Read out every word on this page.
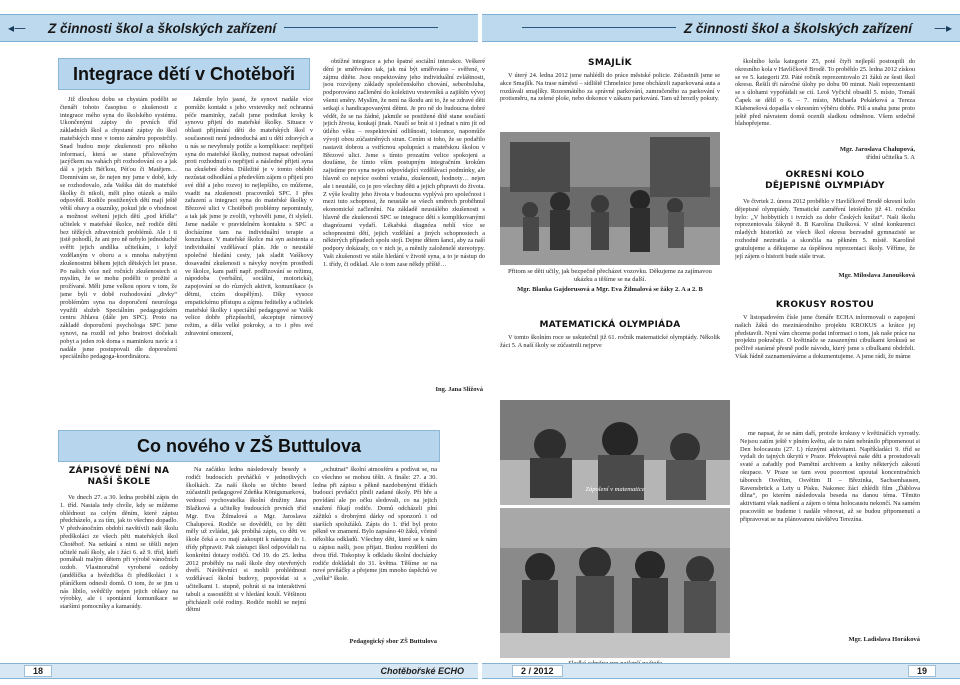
◂—	Z činnosti škol a školských zařízení	Z činnosti škol a školských zařízení	—▸
Integrace dětí v Chotěboři

Již dlouhou dobu se chystám podělit se čtenáři tohoto časopisu o zkušenosti z integrace mého syna do školského systému. Ukončenými zápisy do prvních tříd základních škol a chystané zápisy do škol mateřských mne v tomto záměru popostrčily. Snad budou moje zkušenosti pro někoho informací, která se stane příslovečným jazýčkem na vahách při rozhodování co a jak dál s jejich Béťkou, Péťou či Matějem… Domnívám se, že nejen my jsme v době, kdy se rozhodovalo, zda Vašíka dát do mateřské školky či nikoli, měli plno otázek a málo odpovědí. Rodiče postižených dětí mají ještě větší obavy a otazníky, pokud jde o vhodnost a možnost světení jejich dětí „pod křídla“ učitelek v mateřské školce, než rodiče dětí bez těžkých zdravotních problémů. Ale i ti jistě pohodlí, že ani pro ně nebylo jednoduché svěřit jejich andílka učitelkám, i když vzdělaným v oboru a s mnoha nabytými zkušenostmi během jejich dětských let praxe. Po našich více než ročních zkušenostech si myslím, že se mohu podělit o prožité a prožívané. Měli jsme velkou oporu v tom, že jsme byli v době rozhodování „divky“ problémům syna na doporučení neurologa využili služeb Speciálním pedagogickém centru Jihlava (dále jen SPC). Proto na základě doporučení psychologa SPC jsme synovi, na rozdíl od jeho bratrovi dočekali pobyt a jeden rok doma s maminkou navíc a i nadále jsme postupovali dle doporučení speciálního pedagoga-koordinátora.

Jakmile bylo jasné, že synovi nadále více pomůže kontakt s jeho vrstevníky než ochranná péče maminky, začali jsme podnikat kroky k synovu přijetí do mateřské školky. Situace v oblasti přijímání dětí do mateřských škol v současnosti není jednoduchá ani u dětí zdravých a u nás se nevyhnuly potíže a komplikace: nepřijetí syna do mateřské školky, nutnost napsat odvolání proti rozhodnutí o nepřijetí a následné přijetí syna na zkušební dobu. Důležité je v tomto období nezůstat odhodlání a především zájem o přijetí pro své dítě a jeho rozvoj to nejlepšího, co můžeme, vsadit na zkušenosti pracovníků SPC. I přes zařazení a integraci syna do mateřské školky v Březové ulici v Chotěboři problémy nepominuly, a tak jak jsme je zvolili, vyhověli jsme, či slyšeli. Jsme nadále v pravidelném kontaktu s SPC a docházíme tam na individuální terapie a konzultace. V mateřské školce má syn asistenta a individuální vzdělávací plán. Jde o neustálé společné hledání cesty, jak sladit Vašíkovy dosavadní zkušenosti s návyky novým prostředí ve školce, kam patří např. podřizování se režimu, nápodoba (verbální, sociální, motorická), zapojování se do různých aktivit, komunikace (s dětmi, cizím dospělým). Díky vysoce empatickému přístupu a zájmu ředitelky a učitelek mateřské školky i speciální pedagogové se Vašík velice dobře přizpůsobil, akceptuje rámcový režim, a děla velké pokroky, a to i přes své zdravotní omezení,

obtížné integrace a jeho špatné sociální interakce. Veškeré dění je směřováno tak, jak má být směřováno – svěřené, v zájmu dítěte. Jsou respektovány jeho individuální zvláštnosti, jsou rozvíjeny základy společenského chování, sebeobsluha, podporováno začlenění do kolektivu vrstevníků a zajištěn vývoj všemi směry. Myslím, že není na škodu ani to, že se zdravé děti setkají s handicapovanými dětmi. Je pro ně do budoucna dobré vědět, že se na žádné, jakmile se postižené dítě stane součástí jejich života, koukají jinak. Naučí se brát si i jednat s nim jít od útlého věku – respektování odlišnosti, tolerance, napomůže vývoji obou zúčastněných stran. Cením si toho, že se podařilo nastavit dobrou a vstřícnou spolupráci s mateřskou školou v Březové ulici. Jsme s tímto prozatím velice spokojeni a doufáme, že tímto vším postupným integračním krokům zajistíme pro syna nejen odpovídající vzdělávací podmínky, ale hlavně co nejvíce osobní vztahu, zkušenosti, hodnoty… nejen ale i neustálé, co je pro všechny děti a jejich připravit do života. Z výše kvality jeho života v budoucnu vyplývá pro společnost i mezi tuto schopnost, že neustále se všech směrech proběhnul ekonomické začlenění. Na základě neustálého zkušenosti s hlavně dle zkušeností SPC se integrace dětí s komplikovanými diagnózami vydaří. Lékařská diagnóza nehlí více se schopnostmi dětí, jejich vzdělání a jiných schopnostech a některých případech spolu stojí. Dejme dětem šanci, aby za naší podpory dokázaly, co v nich je, a měnily založenelé stereotypy. Vaši zkušenosti ve stále hledání v životě syna, a to je nástup do 1. třídy, či odklad. Ale o tom zase někdy příště…

Ing. Jana Sližová
SMAJLÍK

V úterý 24. ledna 2012 jsme nahlédli do práce městské policie. Zúčastnili jsme se akce Smajlík. Na trase náměstí – sídliště Chmelnice jsme obcházeli zaparkovaná auta a rozdávali smajlíky. Rozesmátého za správné parkování, zamračeného za parkování v protisměru, na zelené ploše, nebo dokonce v zákazu parkování. Tam už hrozily pokuty.

Přitom se děti učily, jak bezpečně přecházet vozovku. Děkujeme za zajímavou ukázku a těšíme se na další.
Mgr. Blanka Gajdorusová a Mgr. Eva Žilmalová se žáky 2. A a 2. B
MATEMATICKÁ OLYMPIÁDA

V tomto školním roce se uskutečnil již 61. ročník matematické olympiády. Několik žáci 5. A naší školy se zúčastnili nejprve

školního kola kategorie Z5, poté čtyři nejlepší postoupili do okresního kola v Havlíčkově Brodě. To proběhlo 25. ledna 2012 získou se ve 5. kategorii Z9. Páté ročník reprezentovalo 21 žáků ze šesti škol okresu. Řešili tři náročné úlohy po dobu 90 minut. Naši reprezentanti se s úlohami vypořádali se ctí. Leoš Vyčichl obsadil 5. místo, Tomáš Čapek se dělil o 6. – 7. místo, Michaela Pekárková a Tereza Klabenešová dopadla v okresním výběru dobře. Pilí a snahu jsme proto ještě před návratem domů ocenili sladkou odměnou. Všem srdečně blahopřejeme.

Mgr. Jaroslava Chalupová,
třídní učitelka 5. A
OKRESNÍ KOLO DĚJEPISNÉ OLYMPIÁDY

Ve čtvrtek 2. února 2012 proběhlo v Havlíčkově Brodě okresní kolo dějepisné olympiády. Tematické zaměření letošního již 41. ročníku bylo: „V hobbytiích i tvrzích za dobr Českých knížat“. Naši školu reprezentovala žákyně 8. B Karolína Dušková. V silné konkurenci mladých historiků ze všech škol okresu bezvadně gymnazisté se rozhodně neztratila a skončila na pěkném 5. místě. Karolíně gratulujeme a děkujeme za úspěšnou reprezentaci školy. Věříme, že její zájem o historii bude stále trvat.

Mgr. Miloslava Janoušková
KROKUSY ROSTOU

V listopadovém čísle jsme čtenáře ECHA informovali o zapojení našich žáků do mezinárodního projektu KROKUS a krátce jej představili. Nyní vám chceme podat informaci o tom, jak naše práce na projektu pokračuje. O květináče se zasazenými cibulkami krokusů se pečlivě starámé přesně podle návodu, který jsme s cibulkami obdrželi. Však řádně zaznamenáváme a dokumentujeme. A jsme rádi, že máme

Co nového v ZŠ Buttulova
ZÁPISOVÉ DĚNÍ NA NAŠÍ ŠKOLE

Ve dnech 27. a 30. ledna proběhl zápis do 1. tříd. Nastala tedy chvíle, kdy se můžeme ohlédnout za celým děním, které zápisu předcházelo, a za tím, jak to všechno dopadlo. V předvánočním období navštívili naši školu předškoláci ze všech pěti mateřských škol Chotěboř. Na setkání s nimi se těšili nejen učitelé naší školy, ale i žáci 6. až 9. tříd, kteří pomáhali malým dětem při výrobě vánočních ozdob. Vlastnoručně vyrobené ozdoby (andělíčka a hvězdička či předškoláci i s přáníčkem odnesli domů. O tom, že se jim u nás líbilo, svědčily nejen jejich ohlasy na výrobky, ale i spontánní komunikace se staršími pomocníky a kamarády.

Na začátku ledna následovaly besedy s rodiči budoucích prvňáčků v jednotlivých školkách. Za naší školu se těchto besed zúčastnili pedagogové Zdeňka Königsmarková, vedoucí vychovatelka školní družiny Jana Blažková a učitelky budoucích prvních tříd Mgr. Eva Žilmalová a Mgr. Jaroslava Chalupová. Rodiče se dověděli, co by děti měly už zvládat, jak probíhá zápis, co děti ve škole čeká a co mají zakoupit k nástupu do 1. třídy připravit. Pak zástupci škol odpovídali na konkrétní dotazy rodičů. Od 19. do 25. ledna 2012 proběhly na naší škole dny otevřených dveří. Návštěvníci si mohli prohlédnout vzdělávací školní budovy, popovídat si s učitelkami 1. stupně, pohrát si na interaktivní tabuli a zasoutěžit si v hledání koulí. Většinou přicházeli celé rodiny. Rodiče mohli se nejmí dětmi

„ochutnat“ školní atmosféru a podívat se, na co všechno se mohou těšit. A finále: 27. a 30. ledna při zápisu s pěkně nazdobenými třídách budoucí prvňáčci plnili zadané úkoly. Při hře a povídání ale po očku sledovali, co na jejich snažení říkají rodiče. Domů odcházeli plní zážitků s drobnými dárky od sponzorů i od starších spolužáků. Zápis do 1. tříd byl proto pěkně ve znamení. Bylo zapsáno 40 žáků, včetně několika odkladů. Všechny děti, které se k nám u zápisu našli, jsou přijati. Budou rozdělení do dvou tříd. Tiskopisy k odkladu školní docházky rodiče dokládali do 31. května. Těšíme se na nové prvňáčky a přejeme jim mnoho úspěchů ve „velké“ škole.

Pedagogický sbor ZŠ Buttulova
Zápolení v matematice

me napsat, že se nám daří, protože krokusy v květináčích vyrostly. Nejsou zatím ještě v plném květu, ale to nám nebránilo připomenout si Den holocaustu (27. I.) různými aktivitami. Napříkladáci 9. tříd se vydali do tajných úkrytů v Praze. Překvapivá naše děti a prostudovali svaté a zařadily pod Pamětní archivem a knihy některých zákoutí okupace. V Praze se tam svou pozornost upoutal koncentračních táborech Osvětim, Osvětim II – Březinka, Sachsenhausen, Ravensbrück a Lety u Písku. Nakonec žáci zhlédli film „Ďáblova dílna“, po kterém následovala beseda na danou téma. Těmito aktivitami však nadšení a zájem o téma holocaustu nekončí. Na samém pracovišti se budeme i nadále věnovat, až se budou připomenutí a připravovat se na plánovanou návštěvu Terezína.

Mgr. Ladislava Horáková
18	Chotěbořské ECHO	2 / 2012	19
